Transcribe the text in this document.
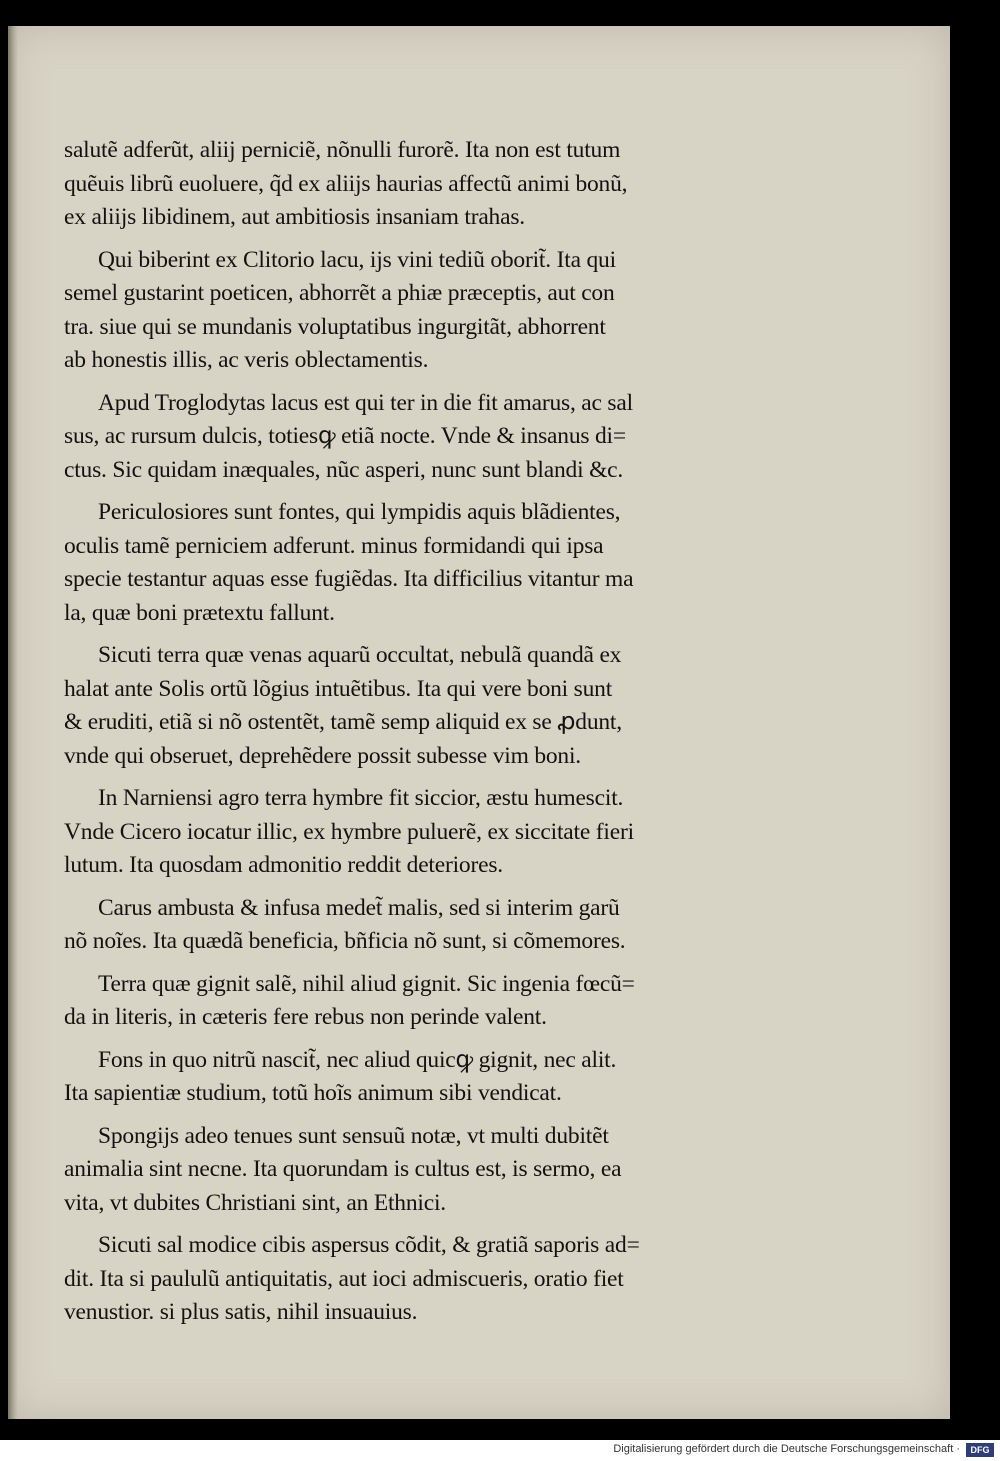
salutẽ adferũt, aliĳ perniciẽ, nõnulli furorẽ. Ita non est tutum
quẽuis librũ euoluere, q̃d ex aliĳs haurias affectũ animi bonũ,
ex aliĳs libidinem, aut ambitiosis insaniam trahas.

Qui biberint ex Clitorio lacu, ĳs vini tediũ oborit̃. Ita qui
semel gustarint poeticen, abhorrẽt a phiæ præceptis, aut con
tra. siue qui se mundanis voluptatibus ingurgitãt, abhorrent
ab honestis illis, ac veris oblectamentis.

Apud Troglodytas lacus est qui ter in die fit amarus, ac sal
sus, ac rursum dulcis, totiesꝙ etiã nocte. Vnde & insanus di=
ctus. Sic quidam inæquales, nũc asperi, nunc sunt blandi &c.

Periculosiores sunt fontes, qui lympidis aquis blãdientes,
oculis tamẽ perniciem adferunt. minus formidandi qui ipsa
specie testantur aquas esse fugiẽdas. Ita difficilius vitantur ma
la, quæ boni prætextu fallunt.

Sicuti terra quæ venas aquarũ occultat, nebulã quandã ex
halat ante Solis ortũ lõgius intuẽtibus. Ita qui vere boni sunt
& eruditi, etiã si nõ ostentẽt, tamẽ semp aliquid ex se ꝓdunt,
vnde qui obseruet, deprehẽdere possit subesse vim boni.

In Narniensi agro terra hymbre fit siccior, æstu humescit.
Vnde Cicero iocatur illic, ex hymbre puluerẽ, ex siccitate fieri
lutum. Ita quosdam admonitio reddit deteriores.

Carus ambusta & infusa medet̃ malis, sed si interim garũ
nõ noĩes. Ita quædã beneficia, bñficia nõ sunt, si cõmemores.

Terra quæ gignit salẽ, nihil aliud gignit. Sic ingenia fœcũ=
da in literis, in cæteris fere rebus non perinde valent.

Fons in quo nitrũ nascit̃, nec aliud quicꝙ gignit, nec alit.
Ita sapientiæ studium, totũ hoĩs animum sibi vendicat.

Spongĳs adeo tenues sunt sensuũ notæ, vt multi dubitẽt
animalia sint necne. Ita quorundam is cultus est, is sermo, ea
vita, vt dubites Christiani sint, an Ethnici.

Sicuti sal modice cibis aspersus cõdit, & gratiã saporis ad=
dit. Ita si paululũ antiquitatis, aut ioci admiscueris, oratio fiet
venustior. si plus satis, nihil insuauius.

Digitalisierung gefördert durch die Deutsche Forschungsgemeinschaft ·	DFG
